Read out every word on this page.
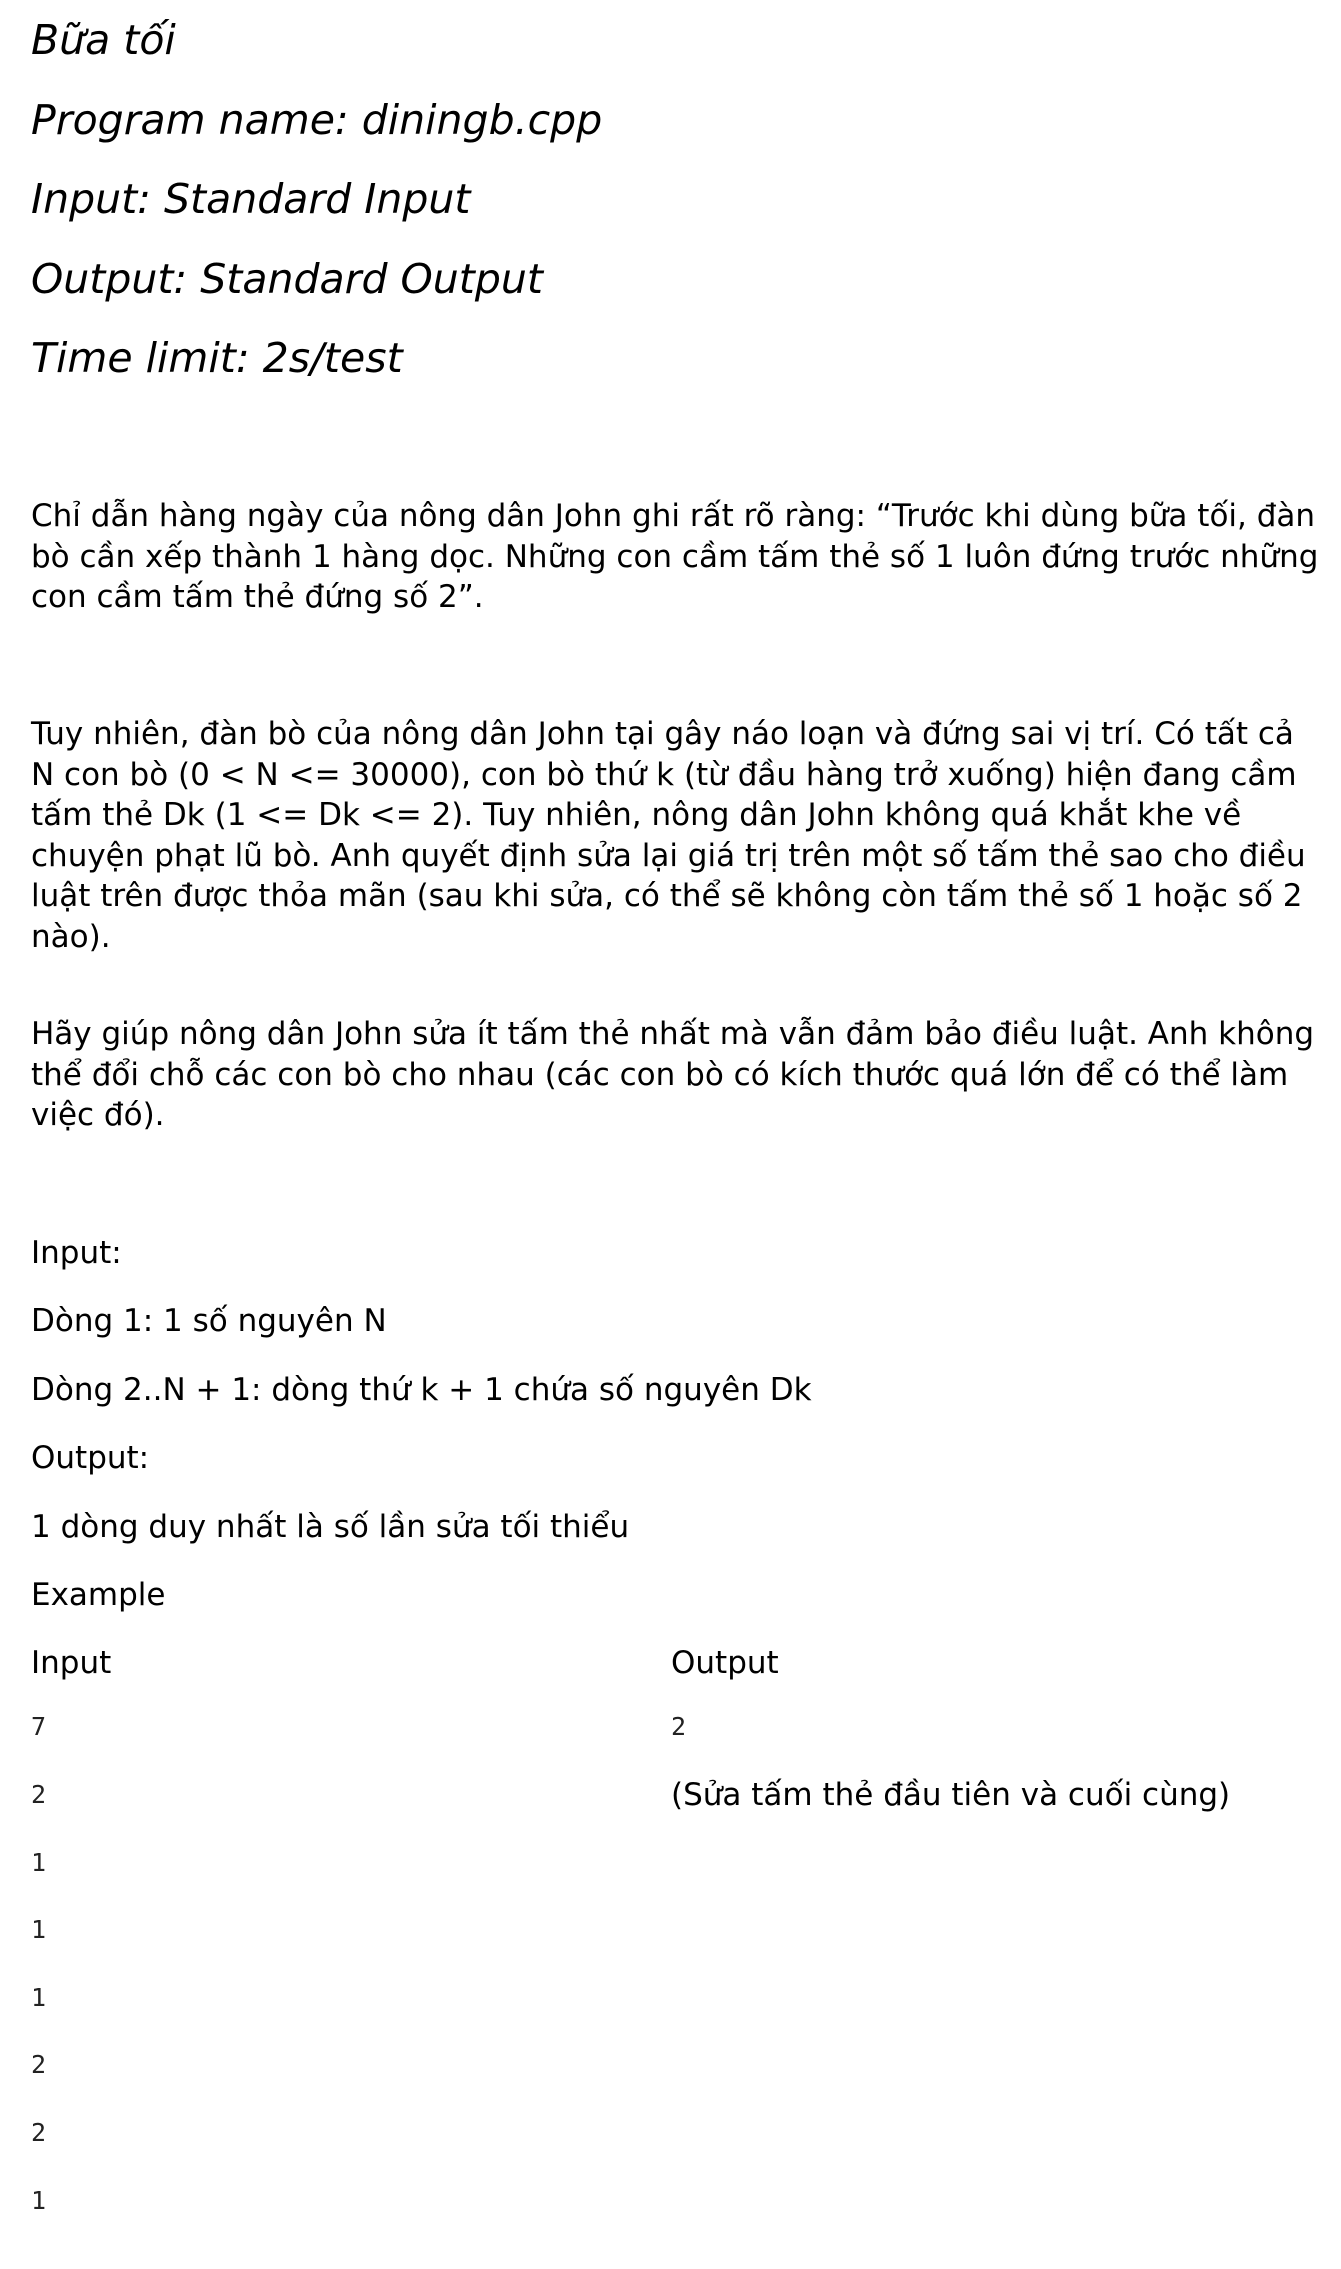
Bữa tối

Program name: diningb.cpp

Input: Standard Input

Output: Standard Output

Time limit: 2s/test

Chỉ dẫn hàng ngày của nông dân John ghi rất rõ ràng: “Trước khi dùng bữa tối, đàn bò cần xếp thành 1 hàng dọc. Những con cầm tấm thẻ số 1 luôn đứng trước những con cầm tấm thẻ đứng số 2”.

Tuy nhiên, đàn bò của nông dân John tại gây náo loạn và đứng sai vị trí. Có tất cả N con bò (0 < N <= 30000), con bò thứ k (từ đầu hàng trở xuống) hiện đang cầm tấm thẻ Dk (1 <= Dk <= 2). Tuy nhiên, nông dân John không quá khắt khe về chuyện phạt lũ bò. Anh quyết định sửa lại giá trị trên một số tấm thẻ sao cho điều luật trên được thỏa mãn (sau khi sửa, có thể sẽ không còn tấm thẻ số 1 hoặc số 2 nào).

Hãy giúp nông dân John sửa ít tấm thẻ nhất mà vẫn đảm bảo điều luật. Anh không thể đổi chỗ các con bò cho nhau (các con bò có kích thước quá lớn để có thể làm việc đó).

Input:

Dòng 1: 1 số nguyên N

Dòng 2..N + 1: dòng thứ k + 1 chứa số nguyên Dk

Output:

1 dòng duy nhất là số lần sửa tối thiểu

Example

Input	Output

7

2

1

1

1

2

2

1

2

(Sửa tấm thẻ đầu tiên và cuối cùng)
